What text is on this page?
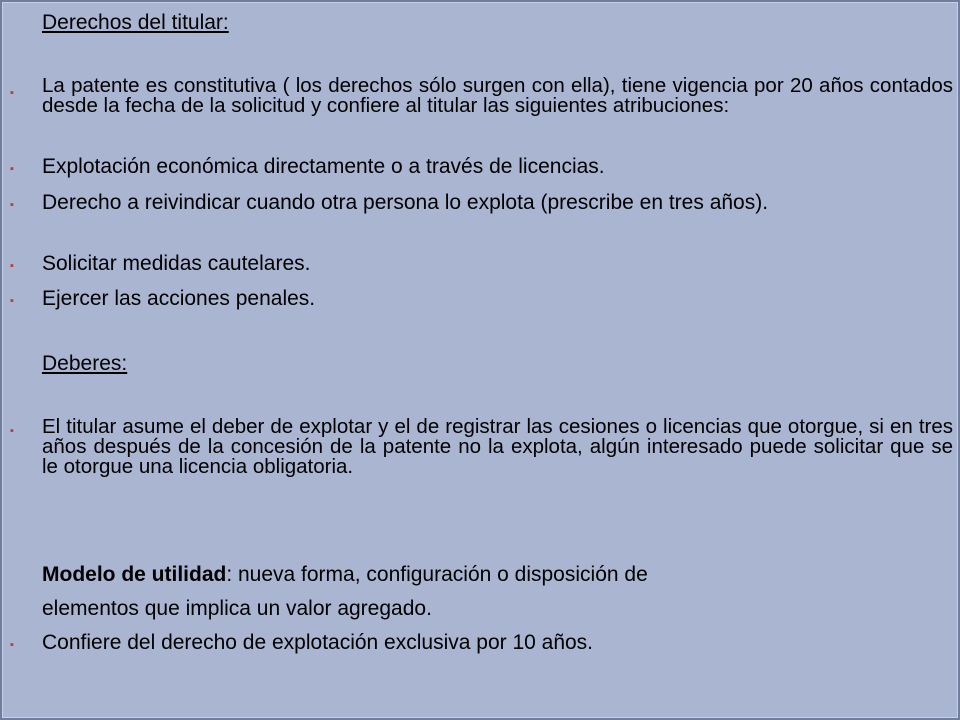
Derechos del titular:

▪ La patente es constitutiva ( los derechos sólo surgen con ella), tiene vigencia por 20 años contados desde la fecha de la solicitud y confiere al titular las siguientes atribuciones:
▪ Explotación económica directamente o a través de licencias.
▪ Derecho a reivindicar cuando otra persona lo explota (prescribe en tres años).
▪ Solicitar medidas cautelares.
▪ Ejercer las acciones penales.

Deberes:

▪ El titular asume el deber de explotar y el de registrar las cesiones o licencias que otorgue, si en tres años después de la concesión de la patente no la explota, algún interesado puede solicitar que se le otorgue una licencia obligatoria.

Modelo de utilidad: nueva forma, configuración o disposición de

elementos que implica un valor agregado.

▪ Confiere del derecho de explotación exclusiva por 10 años.
